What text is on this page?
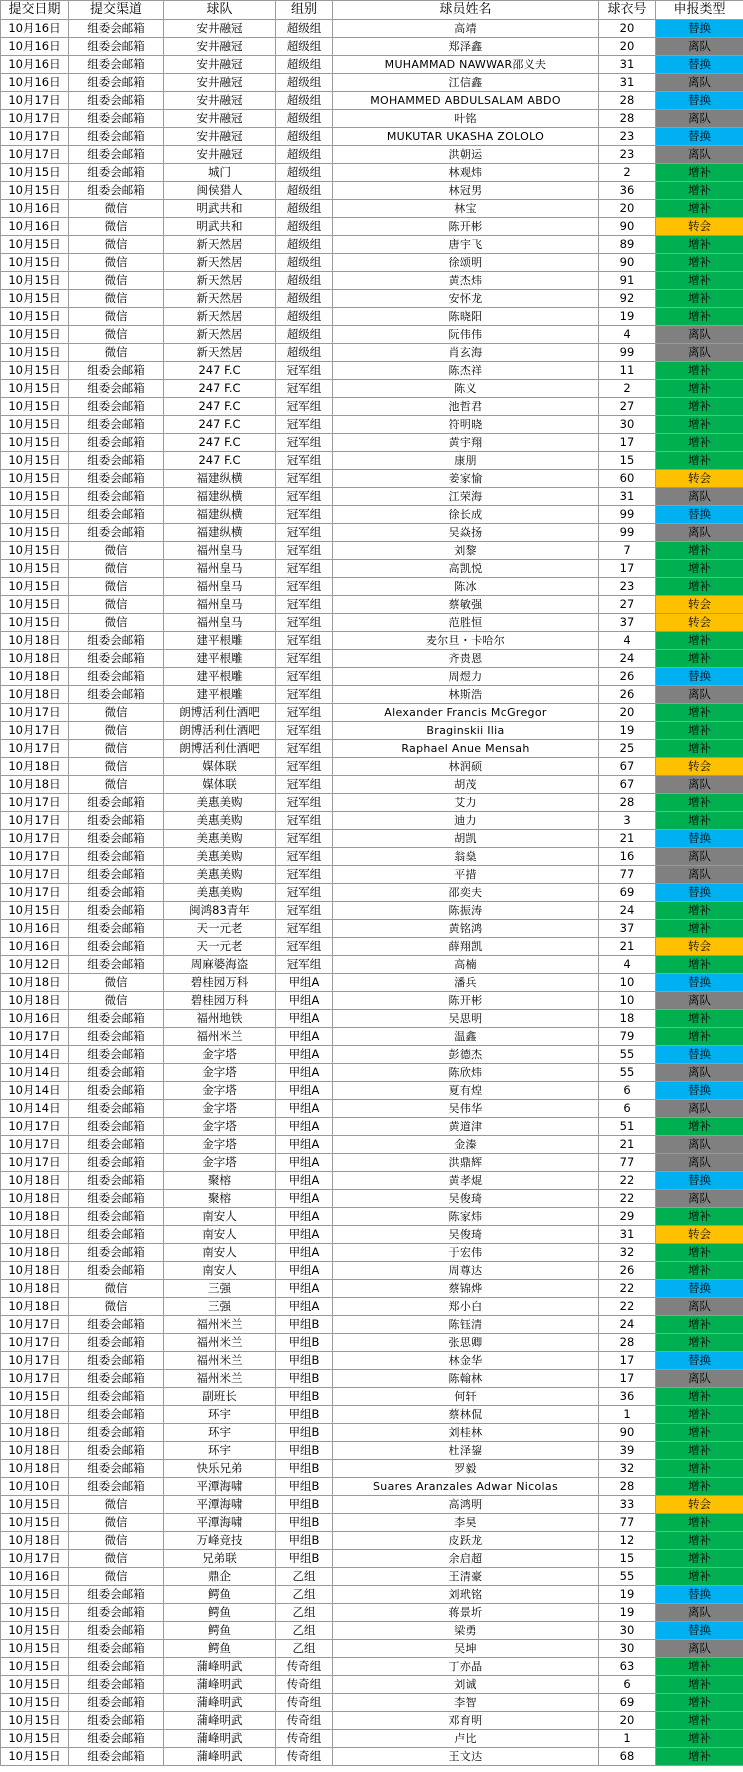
提交日期	提交渠道	球队	组别	球员姓名	球衣号	申报类型
10月16日	组委会邮箱	安井融冠	超级组	高靖	20	替换
10月16日	组委会邮箱	安井融冠	超级组	郑泽鑫	20	离队
10月16日	组委会邮箱	安井融冠	超级组	MUHAMMAD NAWWAR邵义夫	31	替换
10月16日	组委会邮箱	安井融冠	超级组	江信鑫	31	离队
10月17日	组委会邮箱	安井融冠	超级组	MOHAMMED ABDULSALAM ABDO	28	替换
10月17日	组委会邮箱	安井融冠	超级组	叶铭	28	离队
10月17日	组委会邮箱	安井融冠	超级组	MUKUTAR UKASHA ZOLOLO	23	替换
10月17日	组委会邮箱	安井融冠	超级组	洪朝运	23	离队
10月15日	组委会邮箱	城门	超级组	林观炜	2	增补
10月15日	组委会邮箱	闽侯猎人	超级组	林冠男	36	增补
10月16日	微信	明武共和	超级组	林宝	20	增补
10月16日	微信	明武共和	超级组	陈开彬	90	转会
10月15日	微信	新天然居	超级组	唐宇飞	89	增补
10月15日	微信	新天然居	超级组	徐颂明	90	增补
10月15日	微信	新天然居	超级组	黄杰炜	91	增补
10月15日	微信	新天然居	超级组	安怀龙	92	增补
10月15日	微信	新天然居	超级组	陈晓阳	19	增补
10月15日	微信	新天然居	超级组	阮伟伟	4	离队
10月15日	微信	新天然居	超级组	肖玄海	99	离队
10月15日	组委会邮箱	247 F.C	冠军组	陈杰祥	11	增补
10月15日	组委会邮箱	247 F.C	冠军组	陈义	2	增补
10月15日	组委会邮箱	247 F.C	冠军组	池哲君	27	增补
10月15日	组委会邮箱	247 F.C	冠军组	符明晓	30	增补
10月15日	组委会邮箱	247 F.C	冠军组	黄宇翔	17	增补
10月15日	组委会邮箱	247 F.C	冠军组	康朋	15	增补
10月15日	组委会邮箱	福建纵横	冠军组	姜家愉	60	转会
10月15日	组委会邮箱	福建纵横	冠军组	江荣海	31	离队
10月15日	组委会邮箱	福建纵横	冠军组	徐长成	99	替换
10月15日	组委会邮箱	福建纵横	冠军组	吴焱扬	99	离队
10月15日	微信	福州皇马	冠军组	刘黎	7	增补
10月15日	微信	福州皇马	冠军组	高凯悦	17	增补
10月15日	微信	福州皇马	冠军组	陈冰	23	增补
10月15日	微信	福州皇马	冠军组	蔡敏强	27	转会
10月15日	微信	福州皇马	冠军组	范胜恒	37	转会
10月18日	组委会邮箱	建平根雕	冠军组	麦尔旦・卡哈尔	4	增补
10月18日	组委会邮箱	建平根雕	冠军组	齐贵恩	24	增补
10月18日	组委会邮箱	建平根雕	冠军组	周煜力	26	替换
10月18日	组委会邮箱	建平根雕	冠军组	林斯浩	26	离队
10月17日	微信	朗博活利仕酒吧	冠军组	Alexander Francis McGregor	20	增补
10月17日	微信	朗博活利仕酒吧	冠军组	Braginskii Ilia	19	增补
10月17日	微信	朗博活利仕酒吧	冠军组	Raphael Anue Mensah	25	增补
10月18日	微信	媒体联	冠军组	林润硕	67	转会
10月18日	微信	媒体联	冠军组	胡茂	67	离队
10月17日	组委会邮箱	美惠美购	冠军组	艾力	28	增补
10月17日	组委会邮箱	美惠美购	冠军组	迪力	3	增补
10月17日	组委会邮箱	美惠美购	冠军组	胡凯	21	替换
10月17日	组委会邮箱	美惠美购	冠军组	翁燊	16	离队
10月17日	组委会邮箱	美惠美购	冠军组	平措	77	离队
10月17日	组委会邮箱	美惠美购	冠军组	邵奕夫	69	替换
10月15日	组委会邮箱	闽鸿83青年	冠军组	陈振涛	24	增补
10月16日	组委会邮箱	天一元老	冠军组	黄铭鸿	37	增补
10月16日	组委会邮箱	天一元老	冠军组	薛翔凯	21	转会
10月12日	组委会邮箱	周麻婆海盗	冠军组	高楠	4	增补
10月18日	微信	碧桂园万科	甲组A	潘兵	10	替换
10月18日	微信	碧桂园万科	甲组A	陈开彬	10	离队
10月16日	组委会邮箱	福州地铁	甲组A	吴思明	18	增补
10月17日	组委会邮箱	福州米兰	甲组A	温鑫	79	增补
10月14日	组委会邮箱	金字塔	甲组A	彭德杰	55	替换
10月14日	组委会邮箱	金字塔	甲组A	陈欣炜	55	离队
10月14日	组委会邮箱	金字塔	甲组A	夏有煌	6	替换
10月14日	组委会邮箱	金字塔	甲组A	吴伟华	6	离队
10月17日	组委会邮箱	金字塔	甲组A	黄道津	51	增补
10月17日	组委会邮箱	金字塔	甲组A	金溱	21	离队
10月17日	组委会邮箱	金字塔	甲组A	洪鼎辉	77	离队
10月18日	组委会邮箱	聚榕	甲组A	黄孝焜	22	替换
10月18日	组委会邮箱	聚榕	甲组A	吴俊琦	22	离队
10月18日	组委会邮箱	南安人	甲组A	陈家炜	29	增补
10月18日	组委会邮箱	南安人	甲组A	吴俊琦	31	转会
10月18日	组委会邮箱	南安人	甲组A	于宏伟	32	增补
10月18日	组委会邮箱	南安人	甲组A	周尊达	26	增补
10月18日	微信	三强	甲组A	蔡锦烨	22	替换
10月18日	微信	三强	甲组A	郑小白	22	离队
10月17日	组委会邮箱	福州米兰	甲组B	陈钰清	24	增补
10月17日	组委会邮箱	福州米兰	甲组B	张思卿	28	增补
10月17日	组委会邮箱	福州米兰	甲组B	林金华	17	替换
10月17日	组委会邮箱	福州米兰	甲组B	陈翰林	17	离队
10月15日	组委会邮箱	副班长	甲组B	何轩	36	增补
10月18日	组委会邮箱	环宇	甲组B	蔡林侃	1	增补
10月18日	组委会邮箱	环宇	甲组B	刘桂林	90	增补
10月18日	组委会邮箱	环宇	甲组B	杜泽鋆	39	增补
10月18日	组委会邮箱	快乐兄弟	甲组B	罗毅	32	增补
10月10日	组委会邮箱	平潭海啸	甲组B	Suares Aranzales Adwar Nicolas	28	增补
10月15日	微信	平潭海啸	甲组B	高鸿明	33	转会
10月15日	微信	平潭海啸	甲组B	李昊	77	增补
10月18日	微信	万峰竞技	甲组B	皮跃龙	12	增补
10月17日	微信	兄弟联	甲组B	余启超	15	增补
10月16日	微信	鼎企	乙组	王清豪	55	增补
10月15日	组委会邮箱	鳄鱼	乙组	刘玳铭	19	替换
10月15日	组委会邮箱	鳄鱼	乙组	蒋景圻	19	离队
10月15日	组委会邮箱	鳄鱼	乙组	梁勇	30	替换
10月15日	组委会邮箱	鳄鱼	乙组	吴坤	30	离队
10月15日	组委会邮箱	蒲峰明武	传奇组	丁亦晶	63	增补
10月15日	组委会邮箱	蒲峰明武	传奇组	刘诚	6	增补
10月15日	组委会邮箱	蒲峰明武	传奇组	李智	69	增补
10月15日	组委会邮箱	蒲峰明武	传奇组	邓育明	20	增补
10月15日	组委会邮箱	蒲峰明武	传奇组	卢比	1	增补
10月15日	组委会邮箱	蒲峰明武	传奇组	王文达	68	增补
